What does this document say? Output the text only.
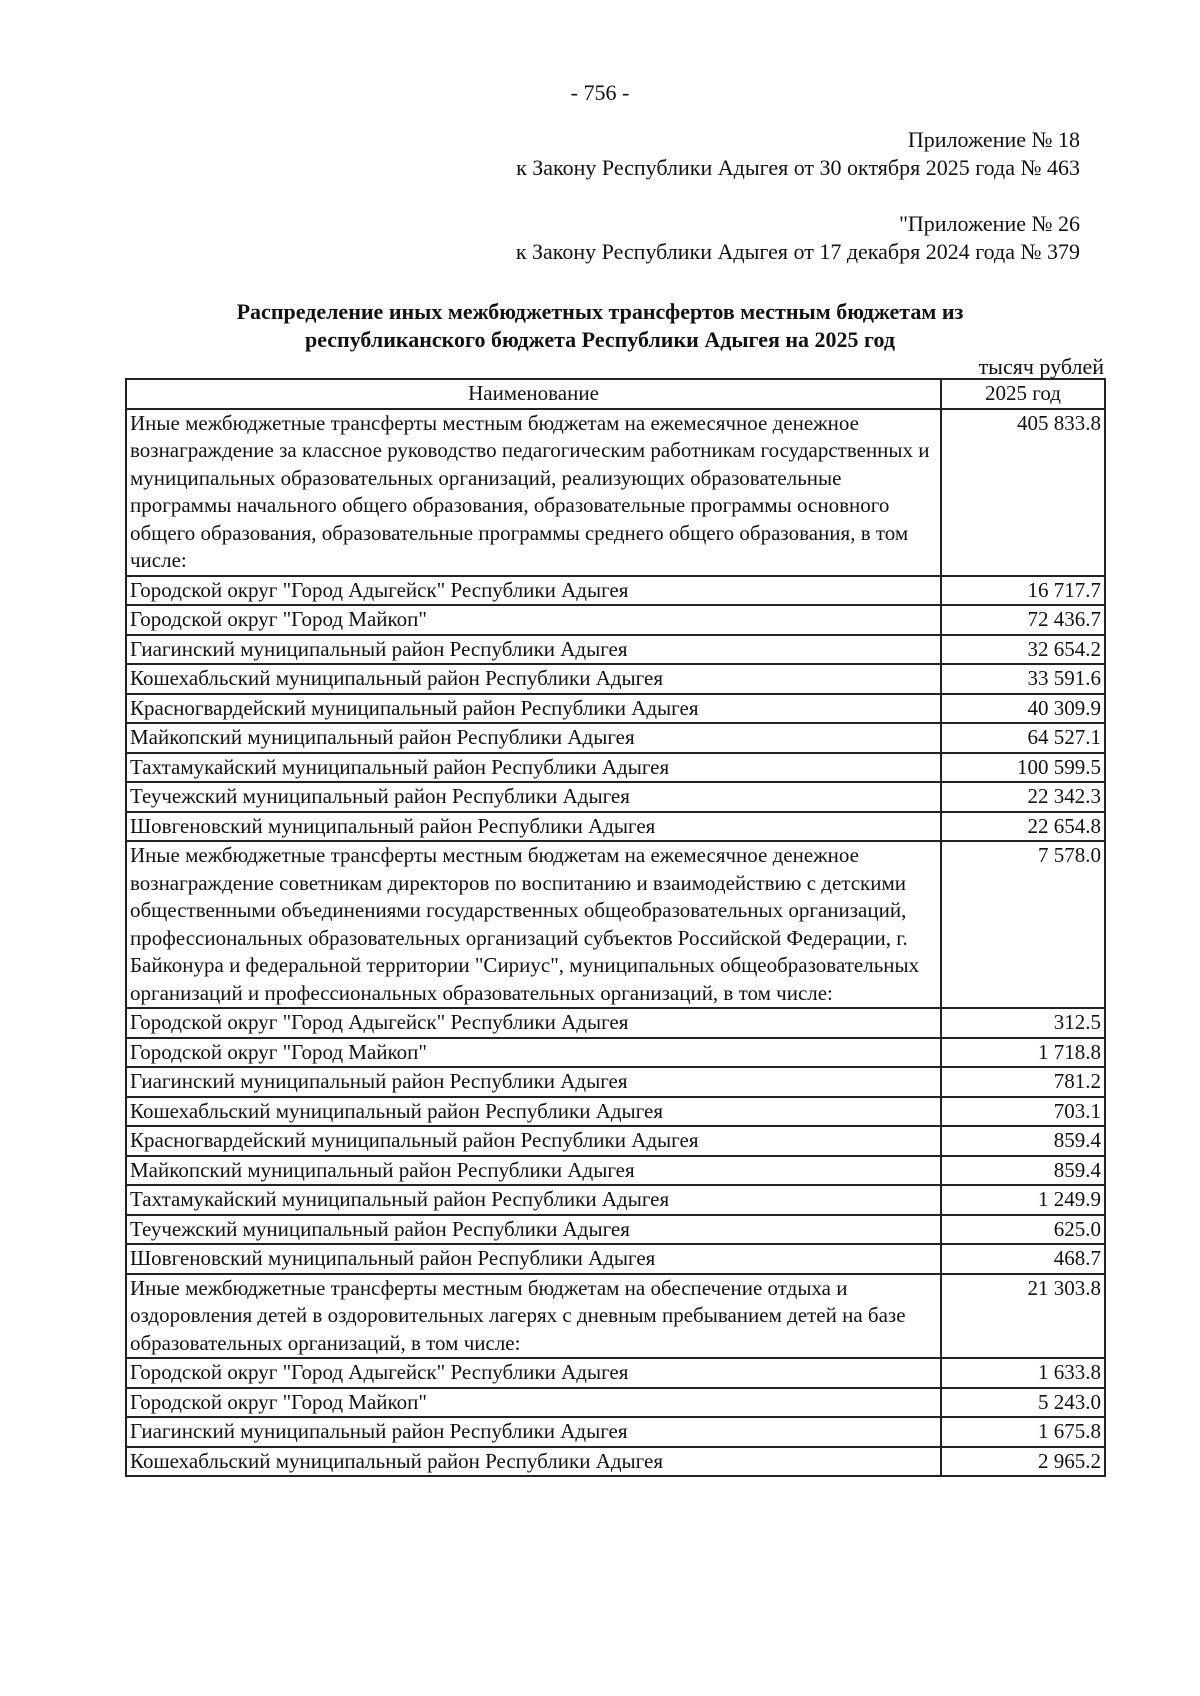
- 756 -
Приложение № 18
к Закону Республики Адыгея от 30 октября 2025 года № 463
"Приложение № 26
к Закону Республики Адыгея от 17 декабря 2024 года № 379
Распределение иных межбюджетных трансфертов местным бюджетам из
республиканского бюджета Республики Адыгея на 2025 год
тысяч рублей
Наименование	2025 год
Иные межбюджетные трансферты местным бюджетам на ежемесячное денежное вознаграждение за классное руководство педагогическим работникам государственных и муниципальных образовательных организаций, реализующих образовательные программы начального общего образования, образовательные программы основного общего образования, образовательные программы среднего общего образования, в том числе:	405 833.8
Городской округ "Город Адыгейск" Республики Адыгея	16 717.7
Городской округ "Город Майкоп"	72 436.7
Гиагинский муниципальный район Республики Адыгея	32 654.2
Кошехабльский муниципальный район Республики Адыгея	33 591.6
Красногвардейский муниципальный район Республики Адыгея	40 309.9
Майкопский муниципальный район Республики Адыгея	64 527.1
Тахтамукайский муниципальный район Республики Адыгея	100 599.5
Теучежский муниципальный район Республики Адыгея	22 342.3
Шовгеновский муниципальный район Республики Адыгея	22 654.8
Иные межбюджетные трансферты местным бюджетам на ежемесячное денежное вознаграждение советникам директоров по воспитанию и взаимодействию с детскими общественными объединениями государственных общеобразовательных организаций, профессиональных образовательных организаций субъектов Российской Федерации, г. Байконура и федеральной территории "Сириус", муниципальных общеобразовательных организаций и профессиональных образовательных организаций, в том числе:	7 578.0
Городской округ "Город Адыгейск" Республики Адыгея	312.5
Городской округ "Город Майкоп"	1 718.8
Гиагинский муниципальный район Республики Адыгея	781.2
Кошехабльский муниципальный район Республики Адыгея	703.1
Красногвардейский муниципальный район Республики Адыгея	859.4
Майкопский муниципальный район Республики Адыгея	859.4
Тахтамукайский муниципальный район Республики Адыгея	1 249.9
Теучежский муниципальный район Республики Адыгея	625.0
Шовгеновский муниципальный район Республики Адыгея	468.7
Иные межбюджетные трансферты местным бюджетам на обеспечение отдыха и оздоровления детей в оздоровительных лагерях с дневным пребыванием детей на базе образовательных организаций, в том числе:	21 303.8
Городской округ "Город Адыгейск" Республики Адыгея	1 633.8
Городской округ "Город Майкоп"	5 243.0
Гиагинский муниципальный район Республики Адыгея	1 675.8
Кошехабльский муниципальный район Республики Адыгея	2 965.2
